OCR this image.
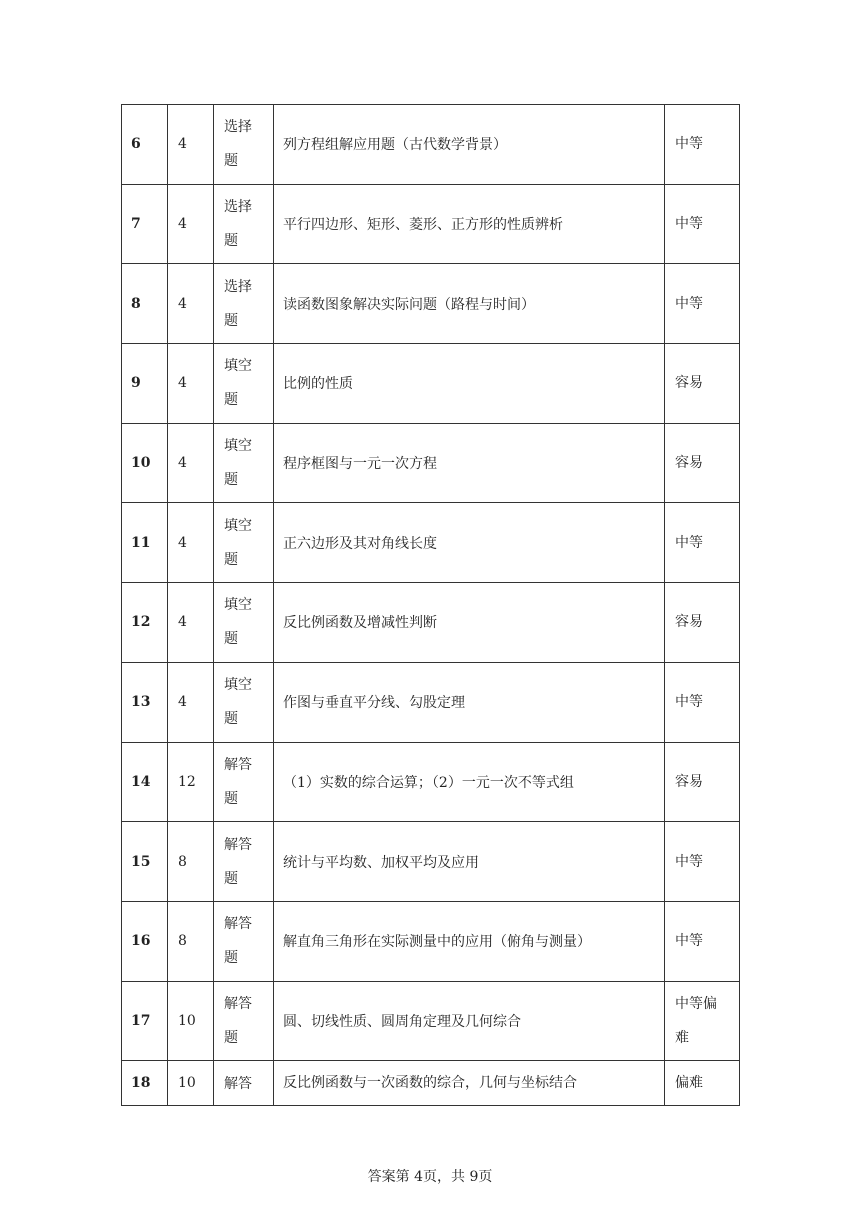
6	4	选择题	列方程组解应用题（古代数学背景）	中等

7	4	选择题	平行四边形、矩形、菱形、正方形的性质辨析	中等

8	4	选择题	读函数图象解决实际问题（路程与时间）	中等

9	4	填空题	比例的性质	容易

10	4	填空题	程序框图与一元一次方程	容易

11	4	填空题	正六边形及其对角线长度	中等

12	4	填空题	反比例函数及增减性判断	容易

13	4	填空题	作图与垂直平分线、勾股定理	中等

14	12	解答题	（1）实数的综合运算；（2）一元一次不等式组	容易

15	8	解答题	统计与平均数、加权平均及应用	中等

16	8	解答题	解直角三角形在实际测量中的应用（俯角与测量）	中等

17	10	解答题	圆、切线性质、圆周角定理及几何综合	中等偏难

18	10	解答	反比例函数与一次函数的综合，几何与坐标结合	偏难
答案第 4页，共 9页
